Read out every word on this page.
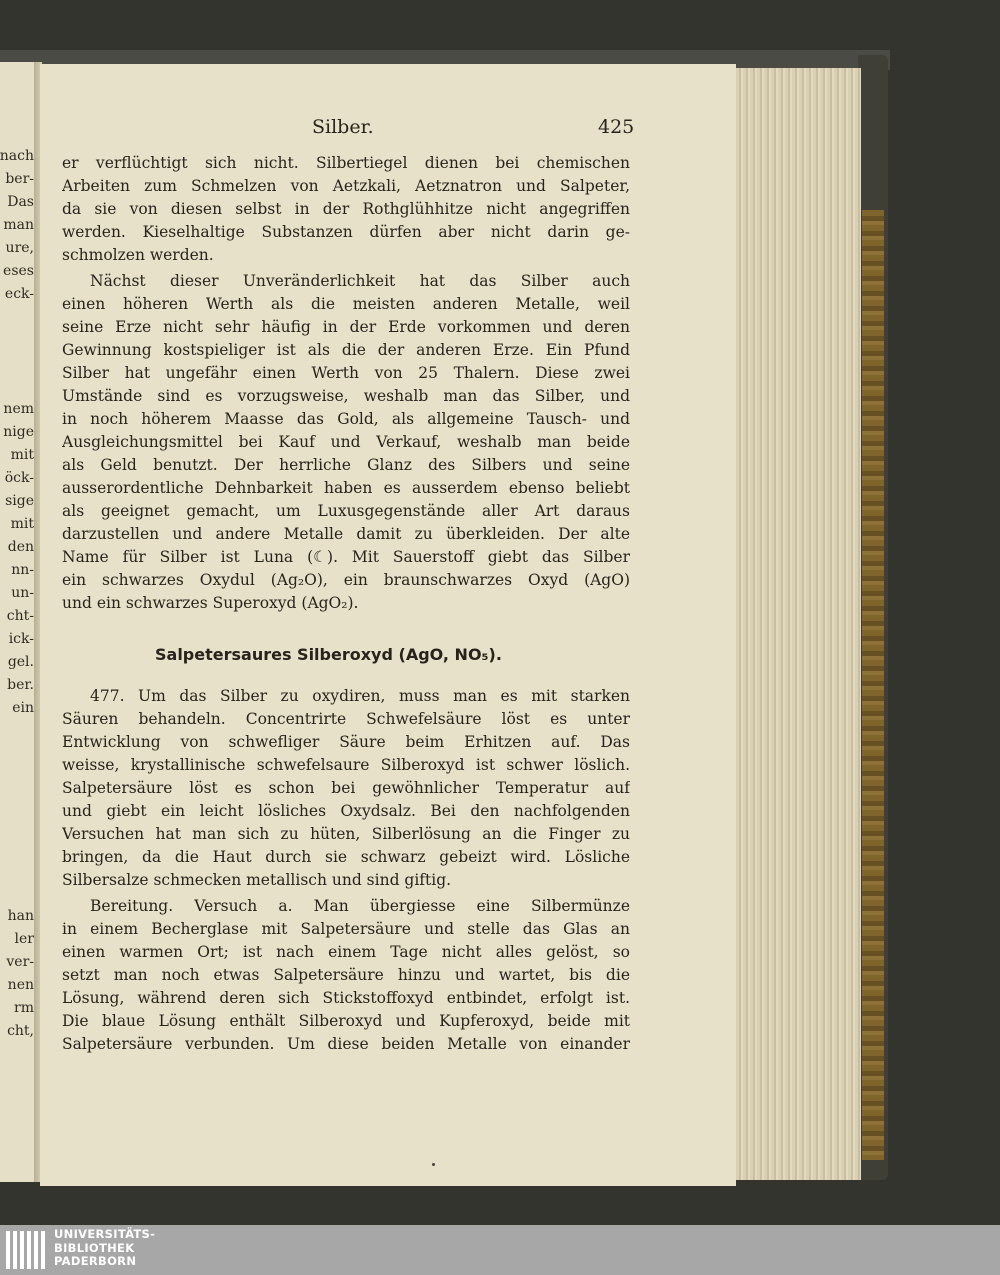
nach
ber-
Das
man
ure,
eses
eck-
nem
nige
mit
öck-
sige
mit
den
nn-
un-
cht-
ick-
gel.
ber.
ein
han
ler
ver-
nen
rm
cht,
Silber.	425
er verflüchtigt sich nicht. Silbertiegel dienen bei chemischen
Arbeiten zum Schmelzen von Aetzkali, Aetznatron und Salpeter,
da sie von diesen selbst in der Rothglühhitze nicht angegriffen
werden. Kieselhaltige Substanzen dürfen aber nicht darin ge-
schmolzen werden.
Nächst dieser Unveränderlichkeit hat das Silber auch
einen höheren Werth als die meisten anderen Metalle, weil
seine Erze nicht sehr häufig in der Erde vorkommen und deren
Gewinnung kostspieliger ist als die der anderen Erze. Ein Pfund
Silber hat ungefähr einen Werth von 25 Thalern. Diese zwei
Umstände sind es vorzugsweise, weshalb man das Silber, und
in noch höherem Maasse das Gold, als allgemeine Tausch- und
Ausgleichungsmittel bei Kauf und Verkauf, weshalb man beide
als Geld benutzt. Der herrliche Glanz des Silbers und seine
ausserordentliche Dehnbarkeit haben es ausserdem ebenso beliebt
als geeignet gemacht, um Luxusgegenstände aller Art daraus
darzustellen und andere Metalle damit zu überkleiden. Der alte
Name für Silber ist Luna (☾). Mit Sauerstoff giebt das Silber
ein schwarzes Oxydul (Ag₂O), ein braunschwarzes Oxyd (AgO)
und ein schwarzes Superoxyd (AgO₂).
Salpetersaures Silberoxyd (AgO, NO₅).
477. Um das Silber zu oxydiren, muss man es mit starken
Säuren behandeln. Concentrirte Schwefelsäure löst es unter
Entwicklung von schwefliger Säure beim Erhitzen auf. Das
weisse, krystallinische schwefelsaure Silberoxyd ist schwer löslich.
Salpetersäure löst es schon bei gewöhnlicher Temperatur auf
und giebt ein leicht lösliches Oxydsalz. Bei den nachfolgenden
Versuchen hat man sich zu hüten, Silberlösung an die Finger zu
bringen, da die Haut durch sie schwarz gebeizt wird. Lösliche
Silbersalze schmecken metallisch und sind giftig.
Bereitung. Versuch a. Man übergiesse eine Silbermünze
in einem Becherglase mit Salpetersäure und stelle das Glas an
einen warmen Ort; ist nach einem Tage nicht alles gelöst, so
setzt man noch etwas Salpetersäure hinzu und wartet, bis die
Lösung, während deren sich Stickstoffoxyd entbindet, erfolgt ist.
Die blaue Lösung enthält Silberoxyd und Kupferoxyd, beide mit
Salpetersäure verbunden. Um diese beiden Metalle von einander
UNIVERSITÄTS-
BIBLIOTHEK
PADERBORN
